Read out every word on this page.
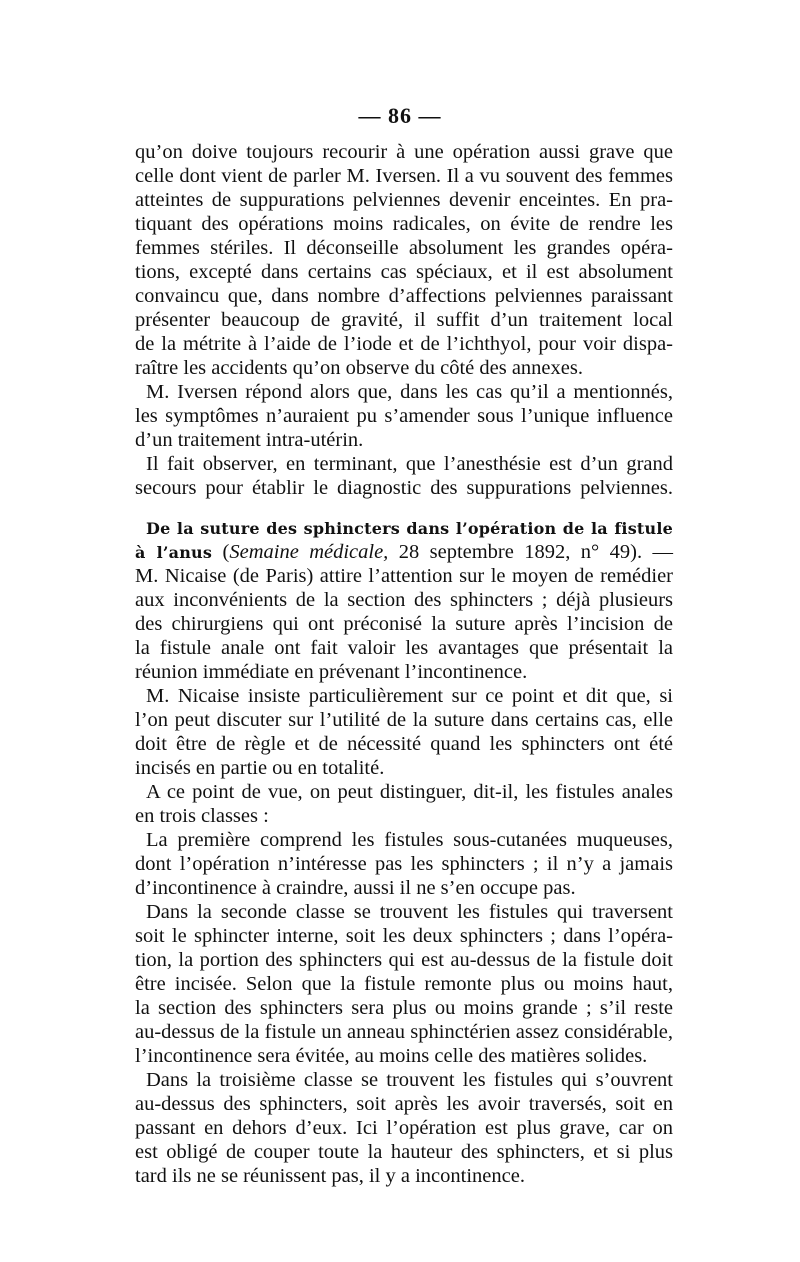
— 86 —
qu’on doive toujours recourir à une opération aussi grave que
celle dont vient de parler M. Iversen. Il a vu souvent des femmes
atteintes de suppurations pelviennes devenir enceintes. En pra-
tiquant des opérations moins radicales, on évite de rendre les
femmes stériles. Il déconseille absolument les grandes opéra-
tions, excepté dans certains cas spéciaux, et il est absolument
convaincu que, dans nombre d’affections pelviennes paraissant
présenter beaucoup de gravité, il suffit d’un traitement local
de la métrite à l’aide de l’iode et de l’ichthyol, pour voir dispa-
raître les accidents qu’on observe du côté des annexes.
M. Iversen répond alors que, dans les cas qu’il a mentionnés,
les symptômes n’auraient pu s’amender sous l’unique influence
d’un traitement intra-utérin.
Il fait observer, en terminant, que l’anesthésie est d’un grand
secours pour établir le diagnostic des suppurations pelviennes.
De la suture des sphincters dans l’opération de la fistule
à l’anus (Semaine médicale, 28 septembre 1892, n° 49). —
M. Nicaise (de Paris) attire l’attention sur le moyen de remédier
aux inconvénients de la section des sphincters ; déjà plusieurs
des chirurgiens qui ont préconisé la suture après l’incision de
la fistule anale ont fait valoir les avantages que présentait la
réunion immédiate en prévenant l’incontinence.
M. Nicaise insiste particulièrement sur ce point et dit que, si
l’on peut discuter sur l’utilité de la suture dans certains cas, elle
doit être de règle et de nécessité quand les sphincters ont été
incisés en partie ou en totalité.
A ce point de vue, on peut distinguer, dit-il, les fistules anales
en trois classes :
La première comprend les fistules sous-cutanées muqueuses,
dont l’opération n’intéresse pas les sphincters ; il n’y a jamais
d’incontinence à craindre, aussi il ne s’en occupe pas.
Dans la seconde classe se trouvent les fistules qui traversent
soit le sphincter interne, soit les deux sphincters ; dans l’opéra-
tion, la portion des sphincters qui est au-dessus de la fistule doit
être incisée. Selon que la fistule remonte plus ou moins haut,
la section des sphincters sera plus ou moins grande ; s’il reste
au-dessus de la fistule un anneau sphinctérien assez considérable,
l’incontinence sera évitée, au moins celle des matières solides.
Dans la troisième classe se trouvent les fistules qui s’ouvrent
au-dessus des sphincters, soit après les avoir traversés, soit en
passant en dehors d’eux. Ici l’opération est plus grave, car on
est obligé de couper toute la hauteur des sphincters, et si plus
tard ils ne se réunissent pas, il y a incontinence.
